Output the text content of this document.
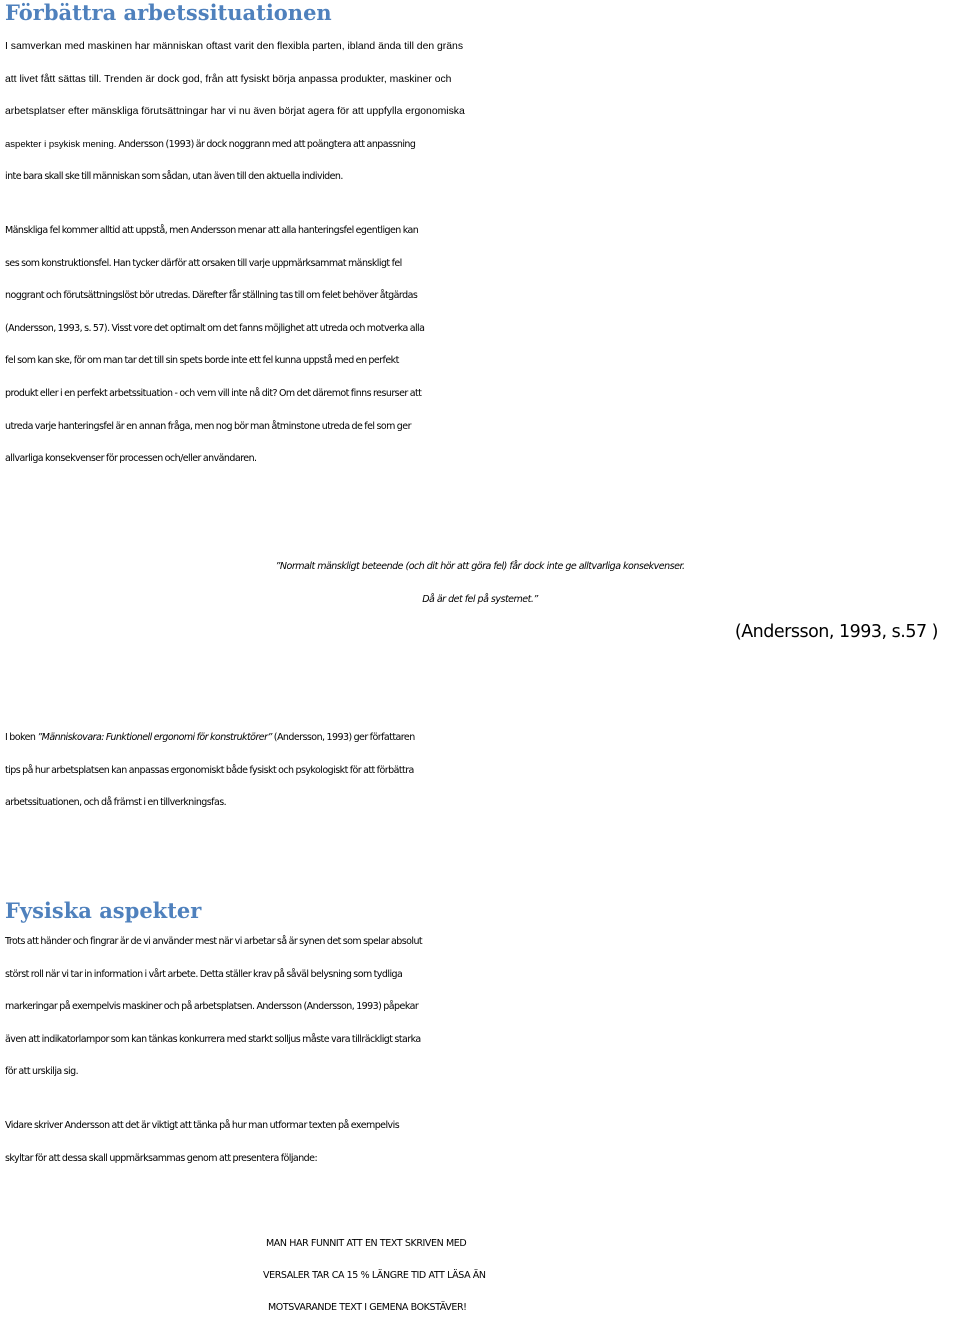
Förbättra arbetssituationen

I samverkan med maskinen har människan oftast varit den flexibla parten, ibland ända till den gräns
att livet fått sättas till. Trenden är dock god, från att fysiskt börja anpassa produkter, maskiner och
arbetsplatser efter mänskliga förutsättningar har vi nu även börjat agera för att uppfylla ergonomiska
aspekter i psykisk mening. Andersson (1993) är dock noggrann med att poängtera att anpassning
inte bara skall ske till människan som sådan, utan även till den aktuella individen.

Mänskliga fel kommer alltid att uppstå, men Andersson menar att alla hanteringsfel egentligen kan
ses som konstruktionsfel. Han tycker därför att orsaken till varje uppmärksammat mänskligt fel
noggrant och förutsättningslöst bör utredas. Därefter får ställning tas till om felet behöver åtgärdas
(Andersson, 1993, s. 57). Visst vore det optimalt om det fanns möjlighet att utreda och motverka alla
fel som kan ske, för om man tar det till sin spets borde inte ett fel kunna uppstå med en perfekt
produkt eller i en perfekt arbetssituation - och vem vill inte nå dit? Om det däremot finns resurser att
utreda varje hanteringsfel är en annan fråga, men nog bör man åtminstone utreda de fel som ger
allvarliga konsekvenser för processen och/eller användaren.

”Normalt mänskligt beteende (och dit hör att göra fel) får dock inte ge alltvarliga konsekvenser.
Då är det fel på systemet.”

(Andersson, 1993, s.57 )

I boken ”Människovara: Funktionell ergonomi för konstruktörer” (Andersson, 1993) ger författaren
tips på hur arbetsplatsen kan anpassas ergonomiskt både fysiskt och psykologiskt för att förbättra
arbetssituationen, och då främst i en tillverkningsfas.

Fysiska aspekter

Trots att händer och fingrar är de vi använder mest när vi arbetar så är synen det som spelar absolut
störst roll när vi tar in information i vårt arbete. Detta ställer krav på såväl belysning som tydliga
markeringar på exempelvis maskiner och på arbetsplatsen. Andersson (Andersson, 1993) påpekar
även att indikatorlampor som kan tänkas konkurrera med starkt solljus måste vara tillräckligt starka
för att urskilja sig.

Vidare skriver Andersson att det är viktigt att tänka på hur man utformar texten på exempelvis
skyltar för att dessa skall uppmärksammas genom att presentera följande:

MAN HAR FUNNIT ATT EN TEXT SKRIVEN MED
VERSALER TAR CA 15 % LÄNGRE TID ATT LÄSA ÄN
MOTSVARANDE TEXT I GEMENA BOKSTÄVER!
